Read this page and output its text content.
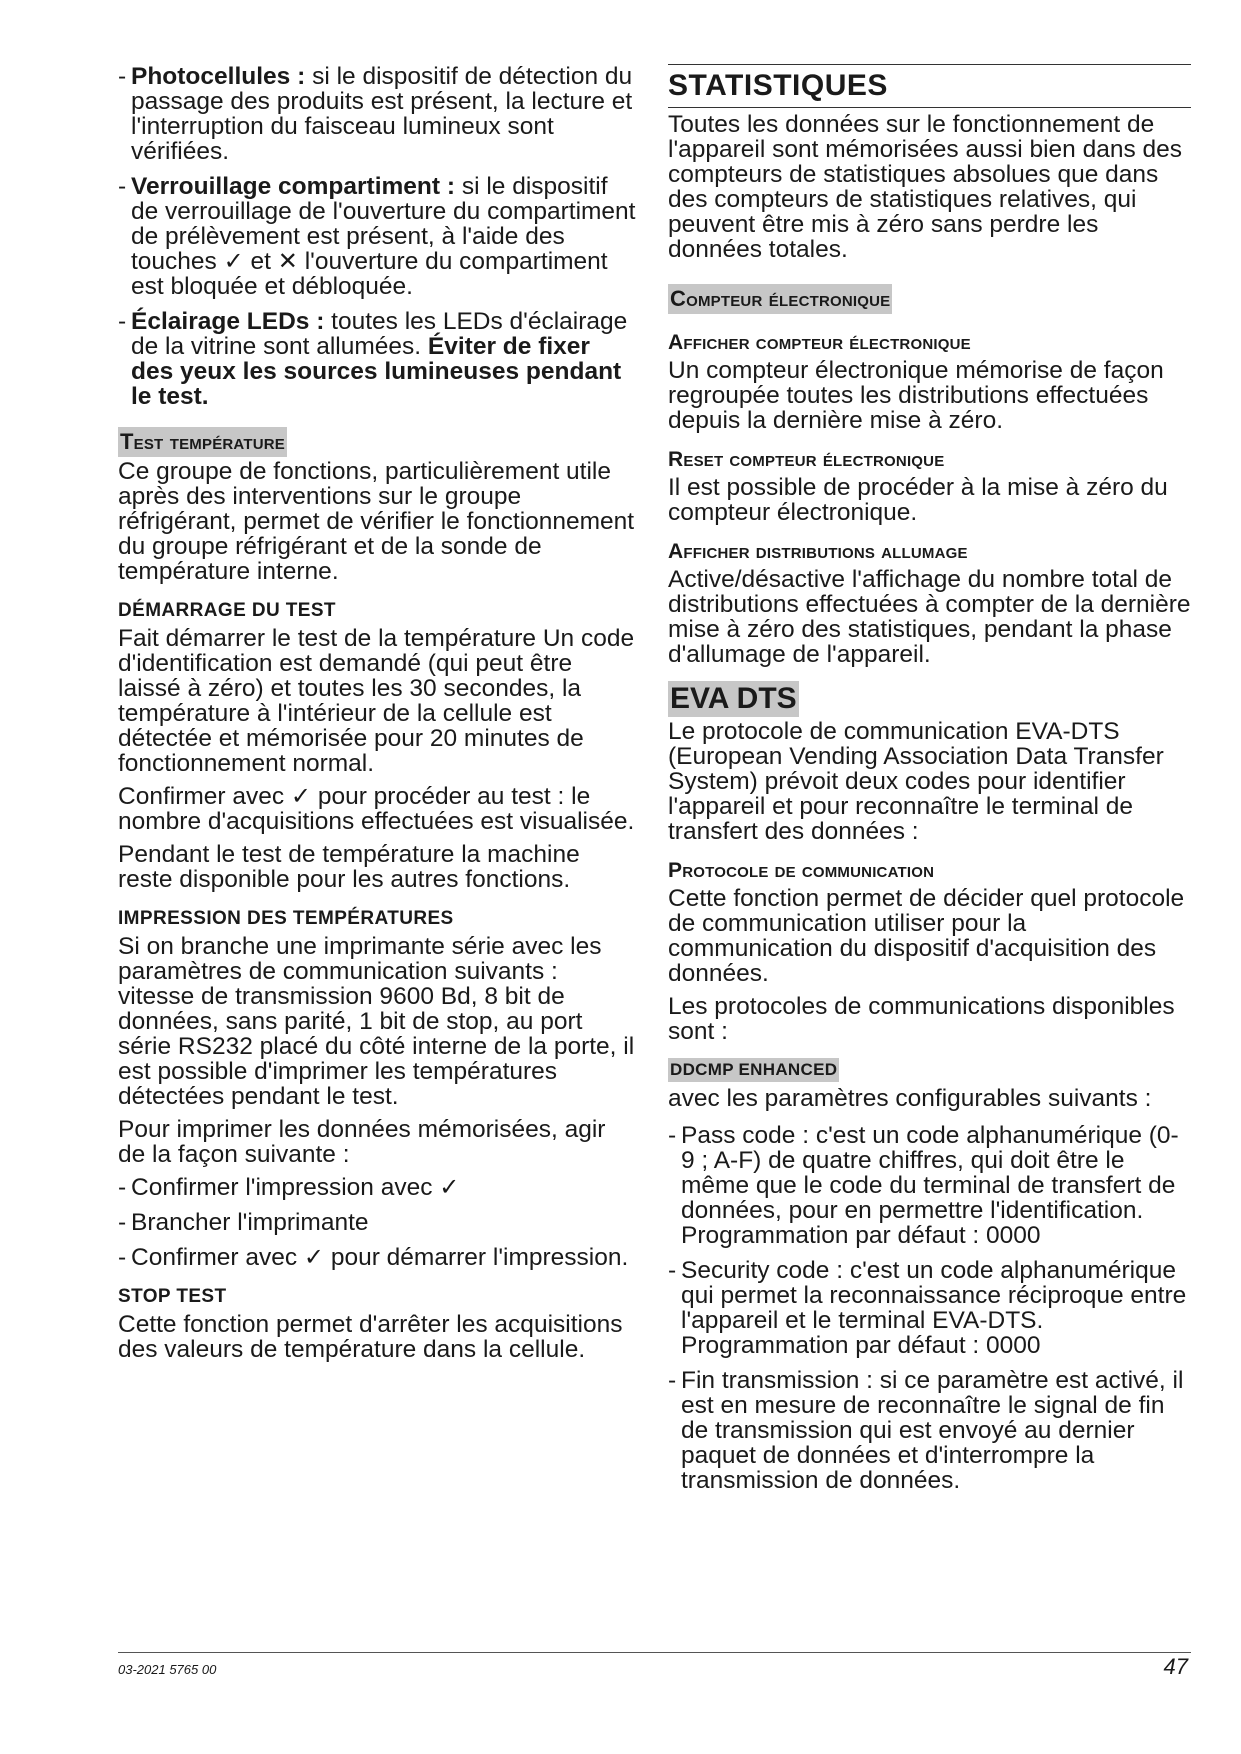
- Photocellules : si le dispositif de détection du passage des produits est présent, la lecture et l'interruption du faisceau lumineux sont vérifiées.
- Verrouillage compartiment : si le dispositif de verrouillage de l'ouverture du compartiment de prélèvement est présent, à l'aide des touches ✓ et ✕ l'ouverture du compartiment est bloquée et débloquée.
- Éclairage LEDs : toutes les LEDs d'éclairage de la vitrine sont allumées. Éviter de fixer des yeux les sources lumineuses pendant le test.
Test température

Ce groupe de fonctions, particulièrement utile après des interventions sur le groupe réfrigérant, permet de vérifier le fonctionnement du groupe réfrigérant et de la sonde de température interne.

DÉMARRAGE DU TEST

Fait démarrer le test de la température Un code d'identification est demandé (qui peut être laissé à zéro) et toutes les 30 secondes, la température à l'intérieur de la cellule est détectée et mémorisée pour 20 minutes de fonctionnement normal.

Confirmer avec ✓ pour procéder au test : le nombre d'acquisitions effectuées est visualisée.

Pendant le test de température la machine reste disponible pour les autres fonctions.

IMPRESSION DES TEMPÉRATURES

Si on branche une imprimante série avec les paramètres de communication suivants : vitesse de transmission 9600 Bd, 8 bit de données, sans parité, 1 bit de stop, au port série RS232 placé du côté interne de la porte, il est possible d'imprimer les températures détectées pendant le test.

Pour imprimer les données mémorisées, agir de la façon suivante :

- Confirmer l'impression avec ✓
- Brancher l'imprimante
- Confirmer avec ✓ pour démarrer l'impression.
STOP TEST

Cette fonction permet d'arrêter les acquisitions des valeurs de température dans la cellule.

STATISTIQUES

Toutes les données sur le fonctionnement de l'appareil sont mémorisées aussi bien dans des compteurs de statistiques absolues que dans des compteurs de statistiques relatives, qui peuvent être mis à zéro sans perdre les données totales.

Compteur électronique
Afficher compteur électronique

Un compteur électronique mémorise de façon regroupée toutes les distributions effectuées depuis la dernière mise à zéro.

Reset compteur électronique

Il est possible de procéder à la mise à zéro du compteur électronique.

Afficher distributions allumage

Active/désactive l'affichage du nombre total de distributions effectuées à compter de la dernière mise à zéro des statistiques, pendant la phase d'allumage de l'appareil.

EVA DTS

Le protocole de communication EVA-DTS (European Vending Association Data Transfer System) prévoit deux codes pour identifier l'appareil et pour reconnaître le terminal de transfert des données :

Protocole de communication

Cette fonction permet de décider quel protocole de communication utiliser pour la communication du dispositif d'acquisition des données.

Les protocoles de communications disponibles sont :

DDCMP ENHANCED

avec les paramètres configurables suivants :

- Pass code : c'est un code alphanumérique (0-9 ; A-F) de quatre chiffres, qui doit être le même que le code du terminal de transfert de données, pour en permettre l'identification.
Programmation par défaut : 0000
- Security code : c'est un code alphanumérique qui permet la reconnaissance réciproque entre l'appareil et le terminal EVA-DTS. Programmation par défaut : 0000
- Fin transmission : si ce paramètre est activé, il est en mesure de reconnaître le signal de fin de transmission qui est envoyé au dernier paquet de données et d'interrompre la transmission de données.
03-2021 5765 00	47
